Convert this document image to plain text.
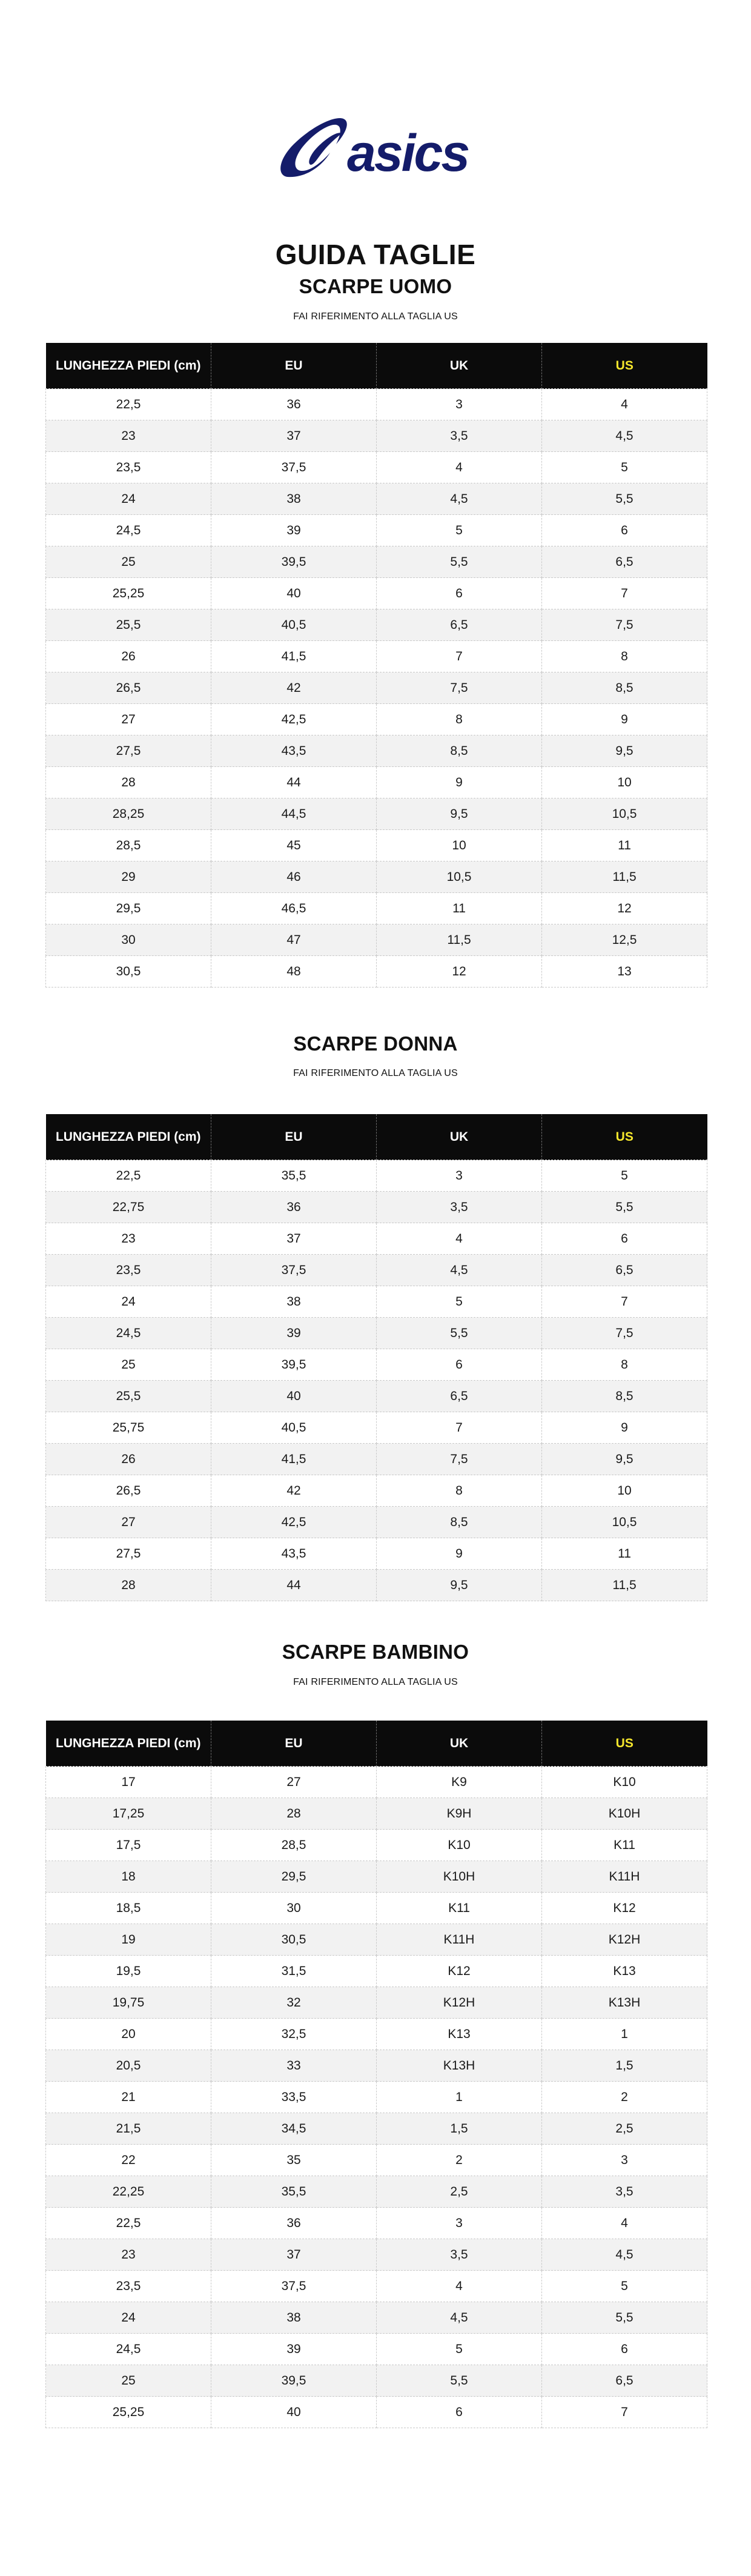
asics
GUIDA TAGLIE
SCARPE UOMO
FAI RIFERIMENTO ALLA TAGLIA US
LUNGHEZZA PIEDI (cm)	EU	UK	US
22,5	36	3	4
23	37	3,5	4,5
23,5	37,5	4	5
24	38	4,5	5,5
24,5	39	5	6
25	39,5	5,5	6,5
25,25	40	6	7
25,5	40,5	6,5	7,5
26	41,5	7	8
26,5	42	7,5	8,5
27	42,5	8	9
27,5	43,5	8,5	9,5
28	44	9	10
28,25	44,5	9,5	10,5
28,5	45	10	11
29	46	10,5	11,5
29,5	46,5	11	12
30	47	11,5	12,5
30,5	48	12	13
SCARPE DONNA
FAI RIFERIMENTO ALLA TAGLIA US
LUNGHEZZA PIEDI (cm)	EU	UK	US
22,5	35,5	3	5
22,75	36	3,5	5,5
23	37	4	6
23,5	37,5	4,5	6,5
24	38	5	7
24,5	39	5,5	7,5
25	39,5	6	8
25,5	40	6,5	8,5
25,75	40,5	7	9
26	41,5	7,5	9,5
26,5	42	8	10
27	42,5	8,5	10,5
27,5	43,5	9	11
28	44	9,5	11,5
SCARPE BAMBINO
FAI RIFERIMENTO ALLA TAGLIA US
LUNGHEZZA PIEDI (cm)	EU	UK	US
17	27	K9	K10
17,25	28	K9H	K10H
17,5	28,5	K10	K11
18	29,5	K10H	K11H
18,5	30	K11	K12
19	30,5	K11H	K12H
19,5	31,5	K12	K13
19,75	32	K12H	K13H
20	32,5	K13	1
20,5	33	K13H	1,5
21	33,5	1	2
21,5	34,5	1,5	2,5
22	35	2	3
22,25	35,5	2,5	3,5
22,5	36	3	4
23	37	3,5	4,5
23,5	37,5	4	5
24	38	4,5	5,5
24,5	39	5	6
25	39,5	5,5	6,5
25,25	40	6	7
